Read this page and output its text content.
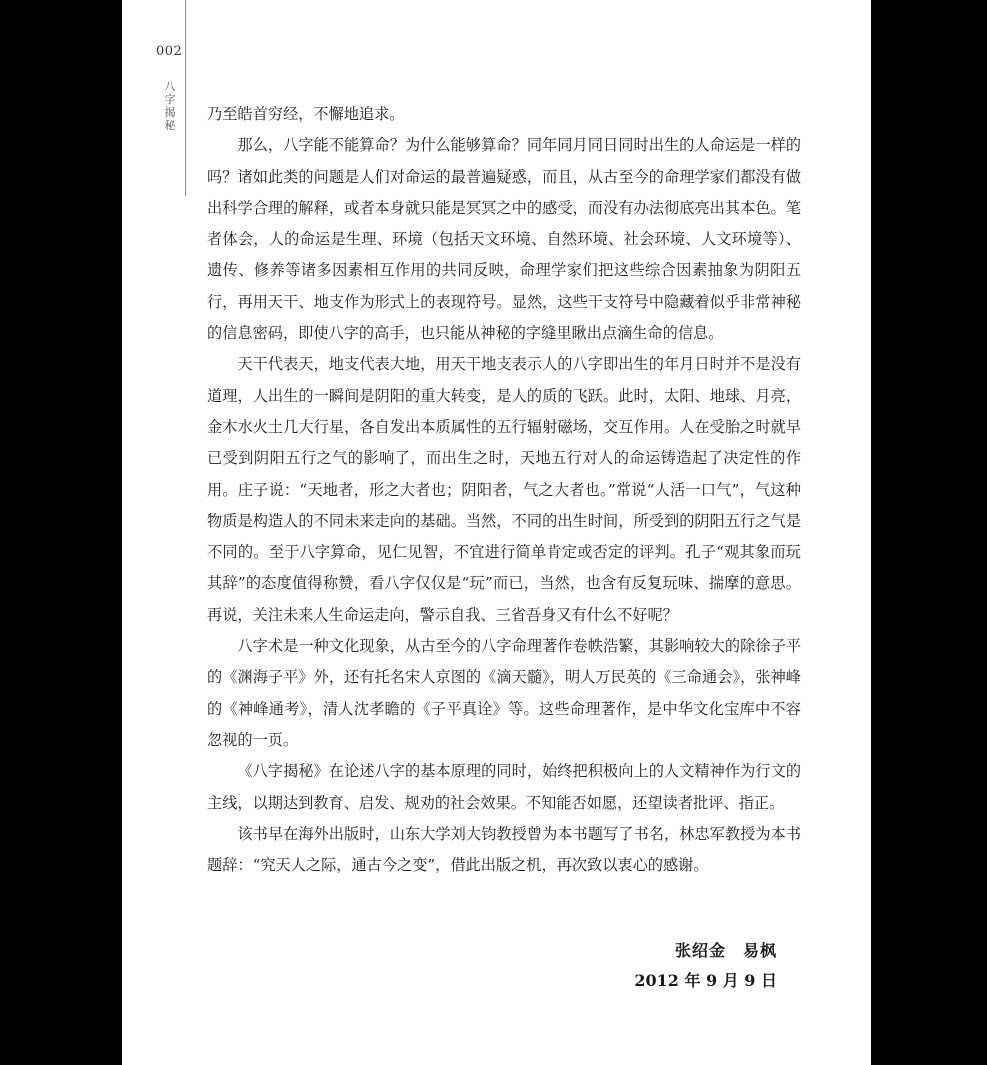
002
八
字
揭
秘

乃至皓首穷经，不懈地追求。

那么，八字能不能算命？为什么能够算命？同年同月同日同时出生的人命运是一样的吗？诸如此类的问题是人们对命运的最普遍疑惑，而且，从古至今的命理学家们都没有做出科学合理的解释，或者本身就只能是冥冥之中的感受，而没有办法彻底亮出其本色。笔者体会，人的命运是生理、环境（包括天文环境、自然环境、社会环境、人文环境等）、遗传、修养等诸多因素相互作用的共同反映，命理学家们把这些综合因素抽象为阴阳五行，再用天干、地支作为形式上的表现符号。显然，这些干支符号中隐藏着似乎非常神秘的信息密码，即使八字的高手，也只能从神秘的字缝里瞅出点滴生命的信息。

天干代表天，地支代表大地，用天干地支表示人的八字即出生的年月日时并不是没有道理，人出生的一瞬间是阴阳的重大转变，是人的质的飞跃。此时，太阳、地球、月亮，金木水火土几大行星，各自发出本质属性的五行辐射磁场，交互作用。人在受胎之时就早已受到阴阳五行之气的影响了，而出生之时，天地五行对人的命运铸造起了决定性的作用。庄子说：“天地者，形之大者也；阴阳者，气之大者也。”常说“人活一口气”，气这种物质是构造人的不同未来走向的基础。当然，不同的出生时间，所受到的阴阳五行之气是不同的。至于八字算命，见仁见智，不宜进行简单肯定或否定的评判。孔子“观其象而玩其辞”的态度值得称赞，看八字仅仅是“玩”而已，当然，也含有反复玩味、揣摩的意思。再说，关注未来人生命运走向，警示自我、三省吾身又有什么不好呢？

八字术是一种文化现象，从古至今的八字命理著作卷帙浩繁，其影响较大的除徐子平的《渊海子平》外，还有托名宋人京图的《滴天髓》，明人万民英的《三命通会》，张神峰的《神峰通考》，清人沈孝瞻的《子平真诠》等。这些命理著作，是中华文化宝库中不容忽视的一页。

《八字揭秘》在论述八字的基本原理的同时，始终把积极向上的人文精神作为行文的主线，以期达到教育、启发、规劝的社会效果。不知能否如愿，还望读者批评、指正。

该书早在海外出版时，山东大学刘大钧教授曾为本书题写了书名，林忠军教授为本书题辞：“究天人之际，通古今之变”，借此出版之机，再次致以衷心的感谢。

张绍金　易枫
2012 年 9 月 9 日
